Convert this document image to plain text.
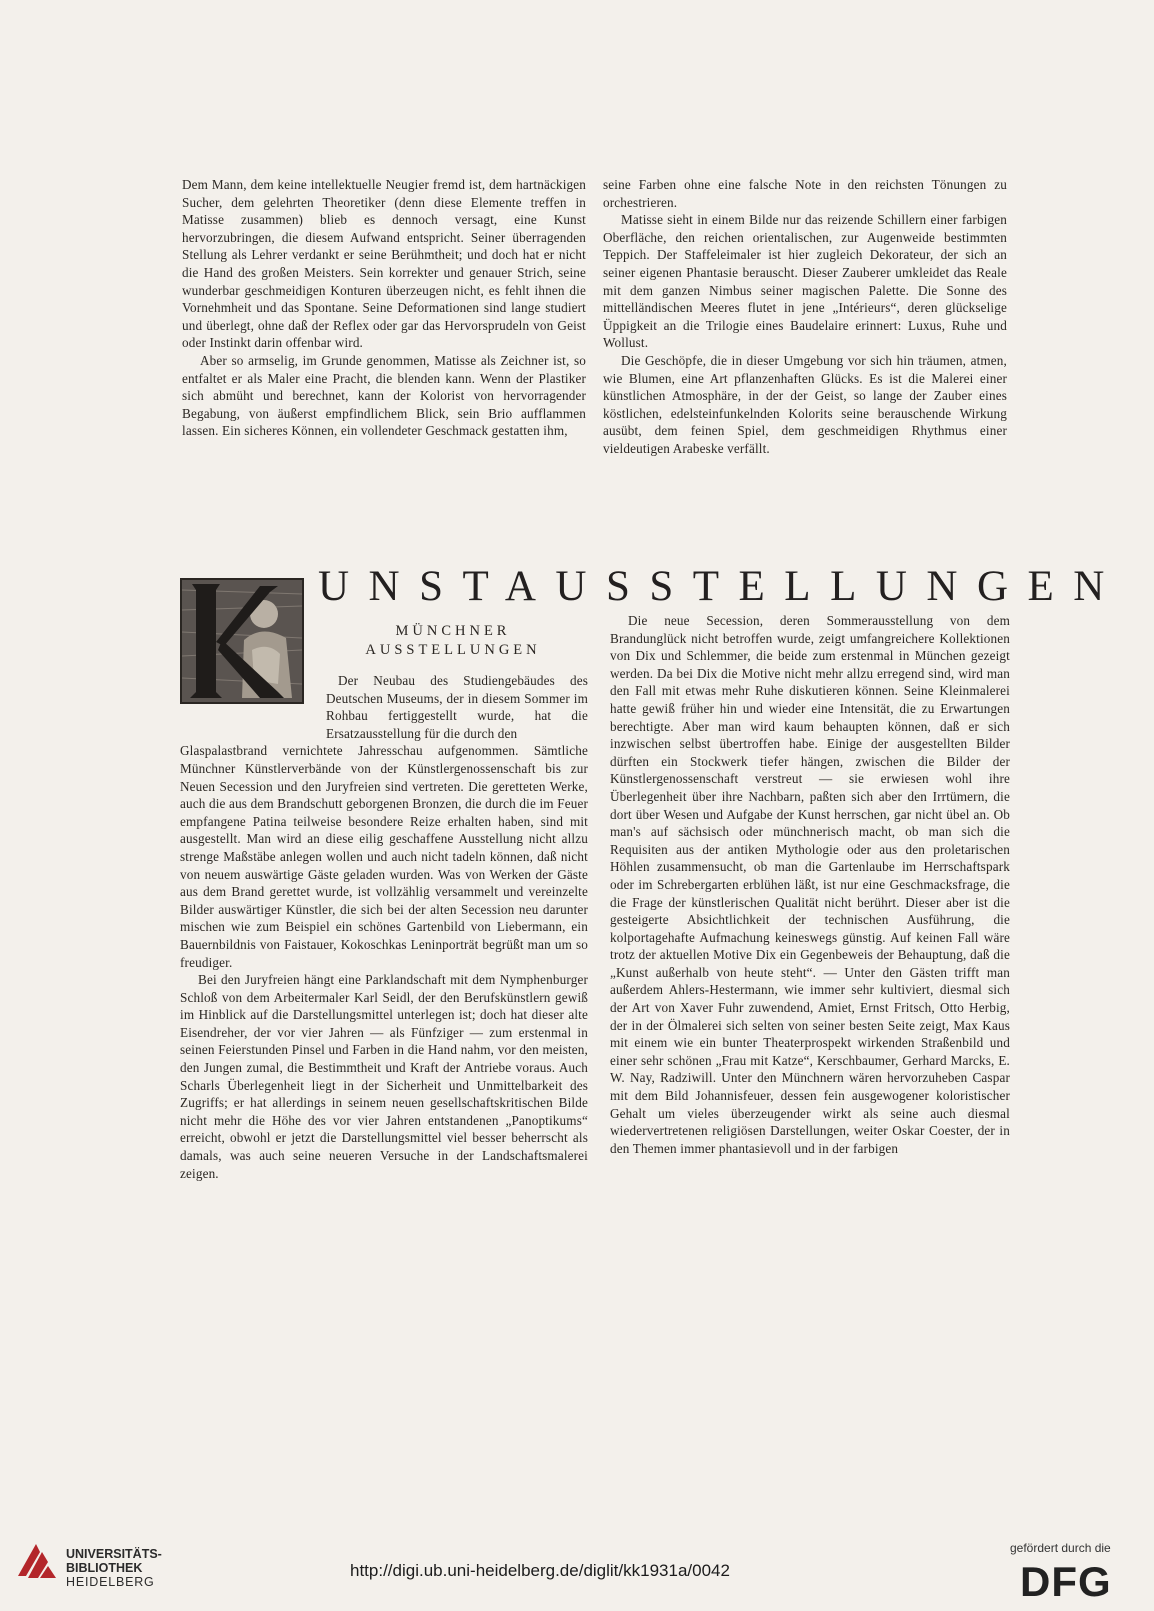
Dem Mann, dem keine intellektuelle Neugier fremd ist, dem hartnäckigen Sucher, dem gelehrten Theoretiker (denn diese Elemente treffen in Matisse zusammen) blieb es dennoch versagt, eine Kunst hervorzubringen, die diesem Aufwand entspricht. Seiner überragenden Stellung als Lehrer verdankt er seine Berühmtheit; und doch hat er nicht die Hand des großen Meisters. Sein korrekter und genauer Strich, seine wunderbar geschmeidigen Konturen überzeugen nicht, es fehlt ihnen die Vornehmheit und das Spontane. Seine Deformationen sind lange studiert und überlegt, ohne daß der Reflex oder gar das Hervorsprudeln von Geist oder Instinkt darin offenbar wird.

Aber so armselig, im Grunde genommen, Matisse als Zeichner ist, so entfaltet er als Maler eine Pracht, die blenden kann. Wenn der Plastiker sich abmüht und berechnet, kann der Kolorist von hervorragender Begabung, von äußerst empfindlichem Blick, sein Brio aufflammen lassen. Ein sicheres Können, ein vollendeter Geschmack gestatten ihm,

seine Farben ohne eine falsche Note in den reichsten Tönungen zu orchestrieren.

Matisse sieht in einem Bilde nur das reizende Schillern einer farbigen Oberfläche, den reichen orientalischen, zur Augenweide bestimmten Teppich. Der Staffeleimaler ist hier zugleich Dekorateur, der sich an seiner eigenen Phantasie berauscht. Dieser Zauberer umkleidet das Reale mit dem ganzen Nimbus seiner magischen Palette. Die Sonne des mittelländischen Meeres flutet in jene „Intérieurs“, deren glückselige Üppigkeit an die Trilogie eines Baudelaire erinnert: Luxus, Ruhe und Wollust.

Die Geschöpfe, die in dieser Umgebung vor sich hin träumen, atmen, wie Blumen, eine Art pflanzenhaften Glücks. Es ist die Malerei einer künstlichen Atmosphäre, in der der Geist, so lange der Zauber eines köstlichen, edelsteinfunkelnden Kolorits seine berauschende Wirkung ausübt, dem feinen Spiel, dem geschmeidigen Rhythmus einer vieldeutigen Arabeske verfällt.

UNSTAUSSTELLUNGEN
MÜNCHNER
AUSSTELLUNGEN

Der Neubau des Studiengebäudes des Deutschen Museums, der in diesem Sommer im Rohbau fertiggestellt wurde, hat die Ersatzausstellung für die durch den

Glaspalastbrand vernichtete Jahresschau aufgenommen. Sämtliche Münchner Künstlerverbände von der Künstlergenossenschaft bis zur Neuen Secession und den Juryfreien sind vertreten. Die geretteten Werke, auch die aus dem Brandschutt geborgenen Bronzen, die durch die im Feuer empfangene Patina teilweise besondere Reize erhalten haben, sind mit ausgestellt. Man wird an diese eilig geschaffene Ausstellung nicht allzu strenge Maßstäbe anlegen wollen und auch nicht tadeln können, daß nicht von neuem auswärtige Gäste geladen wurden. Was von Werken der Gäste aus dem Brand gerettet wurde, ist vollzählig versammelt und vereinzelte Bilder auswärtiger Künstler, die sich bei der alten Secession neu darunter mischen wie zum Beispiel ein schönes Gartenbild von Liebermann, ein Bauernbildnis von Faistauer, Kokoschkas Leninporträt begrüßt man um so freudiger.

Bei den Juryfreien hängt eine Parklandschaft mit dem Nymphenburger Schloß von dem Arbeitermaler Karl Seidl, der den Berufskünstlern gewiß im Hinblick auf die Darstellungsmittel unterlegen ist; doch hat dieser alte Eisendreher, der vor vier Jahren — als Fünfziger — zum erstenmal in seinen Feierstunden Pinsel und Farben in die Hand nahm, vor den meisten, den Jungen zumal, die Bestimmtheit und Kraft der Antriebe voraus. Auch Scharls Überlegenheit liegt in der Sicherheit und Unmittelbarkeit des Zugriffs; er hat allerdings in seinem neuen gesellschaftskritischen Bilde nicht mehr die Höhe des vor vier Jahren entstandenen „Panoptikums“ erreicht, obwohl er jetzt die Darstellungsmittel viel besser beherrscht als damals, was auch seine neueren Versuche in der Landschaftsmalerei zeigen.

Die neue Secession, deren Sommerausstellung von dem Brandunglück nicht betroffen wurde, zeigt umfangreichere Kollektionen von Dix und Schlemmer, die beide zum erstenmal in München gezeigt werden. Da bei Dix die Motive nicht mehr allzu erregend sind, wird man den Fall mit etwas mehr Ruhe diskutieren können. Seine Kleinmalerei hatte gewiß früher hin und wieder eine Intensität, die zu Erwartungen berechtigte. Aber man wird kaum behaupten können, daß er sich inzwischen selbst übertroffen habe. Einige der ausgestellten Bilder dürften ein Stockwerk tiefer hängen, zwischen die Bilder der Künstlergenossenschaft verstreut — sie erwiesen wohl ihre Überlegenheit über ihre Nachbarn, paßten sich aber den Irrtümern, die dort über Wesen und Aufgabe der Kunst herrschen, gar nicht übel an. Ob man's auf sächsisch oder münchnerisch macht, ob man sich die Requisiten aus der antiken Mythologie oder aus den proletarischen Höhlen zusammensucht, ob man die Gartenlaube im Herrschaftspark oder im Schrebergarten erblühen läßt, ist nur eine Geschmacksfrage, die die Frage der künstlerischen Qualität nicht berührt. Dieser aber ist die gesteigerte Absichtlichkeit der technischen Ausführung, die kolportagehafte Aufmachung keineswegs günstig. Auf keinen Fall wäre trotz der aktuellen Motive Dix ein Gegenbeweis der Behauptung, daß die „Kunst außerhalb von heute steht“. — Unter den Gästen trifft man außerdem Ahlers-Hestermann, wie immer sehr kultiviert, diesmal sich der Art von Xaver Fuhr zuwendend, Amiet, Ernst Fritsch, Otto Herbig, der in der Ölmalerei sich selten von seiner besten Seite zeigt, Max Kaus mit einem wie ein bunter Theaterprospekt wirkenden Straßenbild und einer sehr schönen „Frau mit Katze“, Kerschbaumer, Gerhard Marcks, E. W. Nay, Radziwill. Unter den Münchnern wären hervorzuheben Caspar mit dem Bild Johannisfeuer, dessen fein ausgewogener koloristischer Gehalt um vieles überzeugender wirkt als seine auch diesmal wiedervertretenen religiösen Darstellungen, weiter Oskar Coester, der in den Themen immer phantasievoll und in der farbigen

UNIVERSITÄTS-
BIBLIOTHEK
HEIDELBERG
http://digi.ub.uni-heidelberg.de/diglit/kk1931a/0042
gefördert durch die
DFG
